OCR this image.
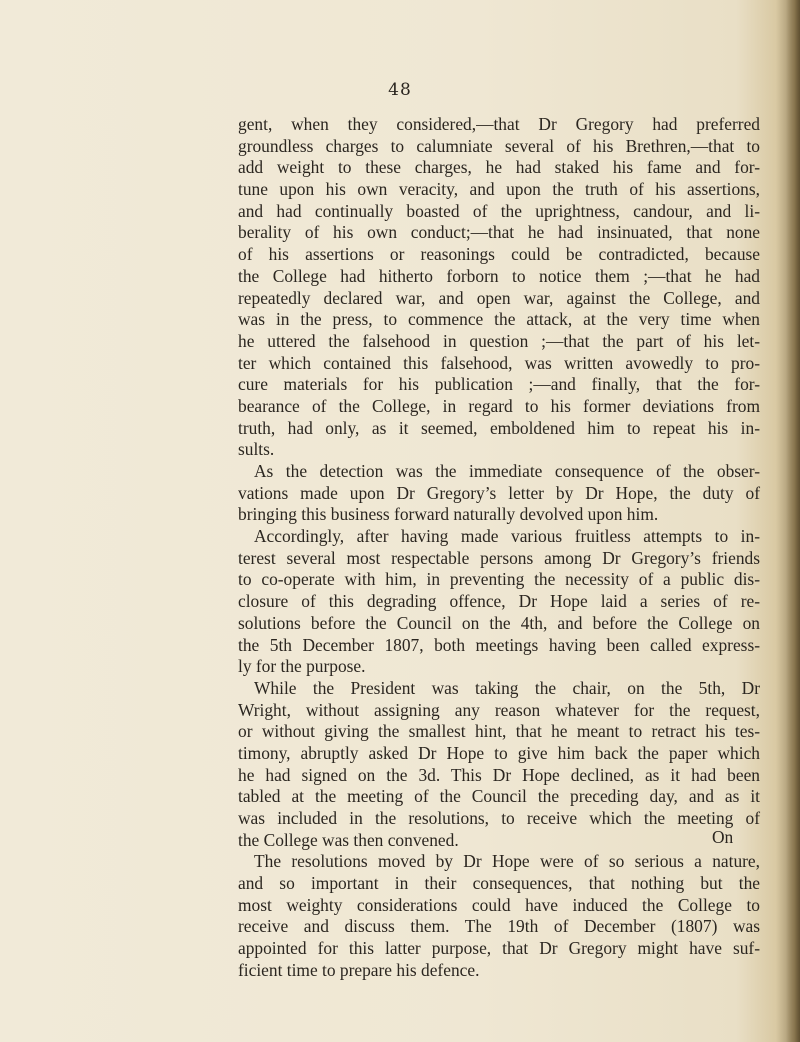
48
gent, when they considered,—that Dr Gregory had preferred
groundless charges to calumniate several of his Brethren,—that to
add weight to these charges, he had staked his fame and for-
tune upon his own veracity, and upon the truth of his assertions,
and had continually boasted of the uprightness, candour, and li-
berality of his own conduct;—that he had insinuated, that none
of his assertions or reasonings could be contradicted, because
the College had hitherto forborn to notice them ;—that he had
repeatedly declared war, and open war, against the College, and
was in the press, to commence the attack, at the very time when
he uttered the falsehood in question ;—that the part of his let-
ter which contained this falsehood, was written avowedly to pro-
cure materials for his publication ;—and finally, that the for-
bearance of the College, in regard to his former deviations from
truth, had only, as it seemed, emboldened him to repeat his in-
sults.
As the detection was the immediate consequence of the obser-
vations made upon Dr Gregory’s letter by Dr Hope, the duty of
bringing this business forward naturally devolved upon him.
Accordingly, after having made various fruitless attempts to in-
terest several most respectable persons among Dr Gregory’s friends
to co-operate with him, in preventing the necessity of a public dis-
closure of this degrading offence, Dr Hope laid a series of re-
solutions before the Council on the 4th, and before the College on
the 5th December 1807, both meetings having been called express-
ly for the purpose.
While the President was taking the chair, on the 5th, Dr
Wright, without assigning any reason whatever for the request,
or without giving the smallest hint, that he meant to retract his tes-
timony, abruptly asked Dr Hope to give him back the paper which
he had signed on the 3d. This Dr Hope declined, as it had been
tabled at the meeting of the Council the preceding day, and as it
was included in the resolutions, to receive which the meeting of
the College was then convened.
The resolutions moved by Dr Hope were of so serious a nature,
and so important in their consequences, that nothing but the
most weighty considerations could have induced the College to
receive and discuss them. The 19th of December (1807) was
appointed for this latter purpose, that Dr Gregory might have suf-
ficient time to prepare his defence.
On
